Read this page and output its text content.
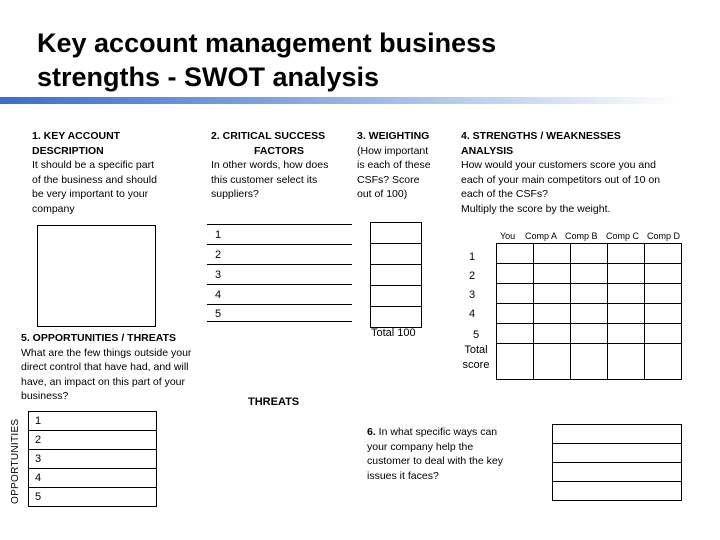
Key account management business
strengths - SWOT analysis
1. KEY ACCOUNT
DESCRIPTION
It should be a specific part
of the business and should
be very important to your
company
2. CRITICAL SUCCESS
FACTORS
In other words, how does
this customer select its
suppliers?
1
2
3
4
5
3. WEIGHTING
(How important
is each of these
CSFs? Score
out of 100)

Total 100
4. STRENGTHS / WEAKNESSES
ANALYSIS
How would your customers score you and
each of your main competitors out of 10 on
each of the CSFs?
Multiply the score by the weight.
You Comp A Comp B Comp C Comp D
1
2
3
4
5
Total
score

5. OPPORTUNITIES / THREATS
What are the few things outside your
direct control that have had, and will
have, an impact on this part of your
business?
OPPORTUNITIES
THREATS
1
2
3
4
5
6. In what specific ways can
your company help the
customer to deal with the key
issues it faces?
